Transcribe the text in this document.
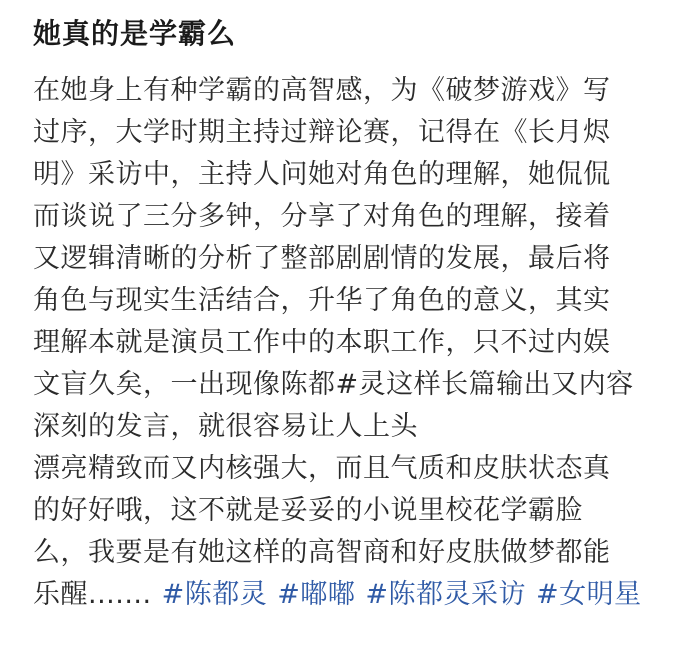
她真的是学霸么
在她身上有种学霸的高智感，为《破梦游戏》写
过序，大学时期主持过辩论赛，记得在《长月烬
明》采访中，主持人问她对角色的理解，她侃侃
而谈说了三分多钟，分享了对角色的理解，接着
又逻辑清晰的分析了整部剧剧情的发展，最后将
角色与现实生活结合，升华了角色的意义，其实
理解本就是演员工作中的本职工作，只不过内娱
文盲久矣，一出现像陈都#灵这样长篇输出又内容
深刻的发言，就很容易让人上头
漂亮精致而又内核强大，而且气质和皮肤状态真
的好好哦，这不就是妥妥的小说里校花学霸脸
么，我要是有她这样的高智商和好皮肤做梦都能
乐醒....... #陈都灵 #嘟嘟 #陈都灵采访 #女明星
